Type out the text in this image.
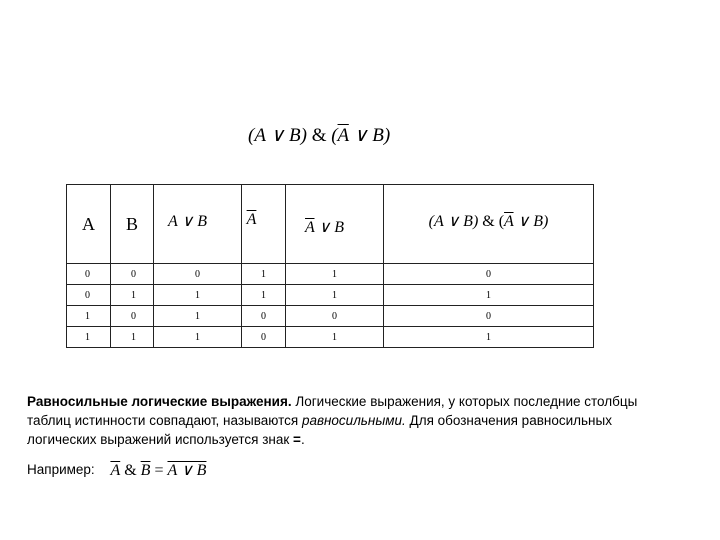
(A ∨ B) & ($\overline{A}$ ∨ B)
A	B	A ∨ B	$\overline{A}$	$\overline{A}$ ∨ B	(A ∨ B) & ($\overline{A}$ ∨ B)
0	0	0	1	1	0
0	1	1	1	1	1
1	0	1	0	0	0
1	1	1	0	1	1
Равносильные логические выражения. Логические выражения, у которых последние столбцы таблиц истинности совпадают, называются равносильными. Для обозначения равносильных логических выражений используется знак =.
Например: $\overline{A}$ & $\overline{B} = A$ ∨ B
